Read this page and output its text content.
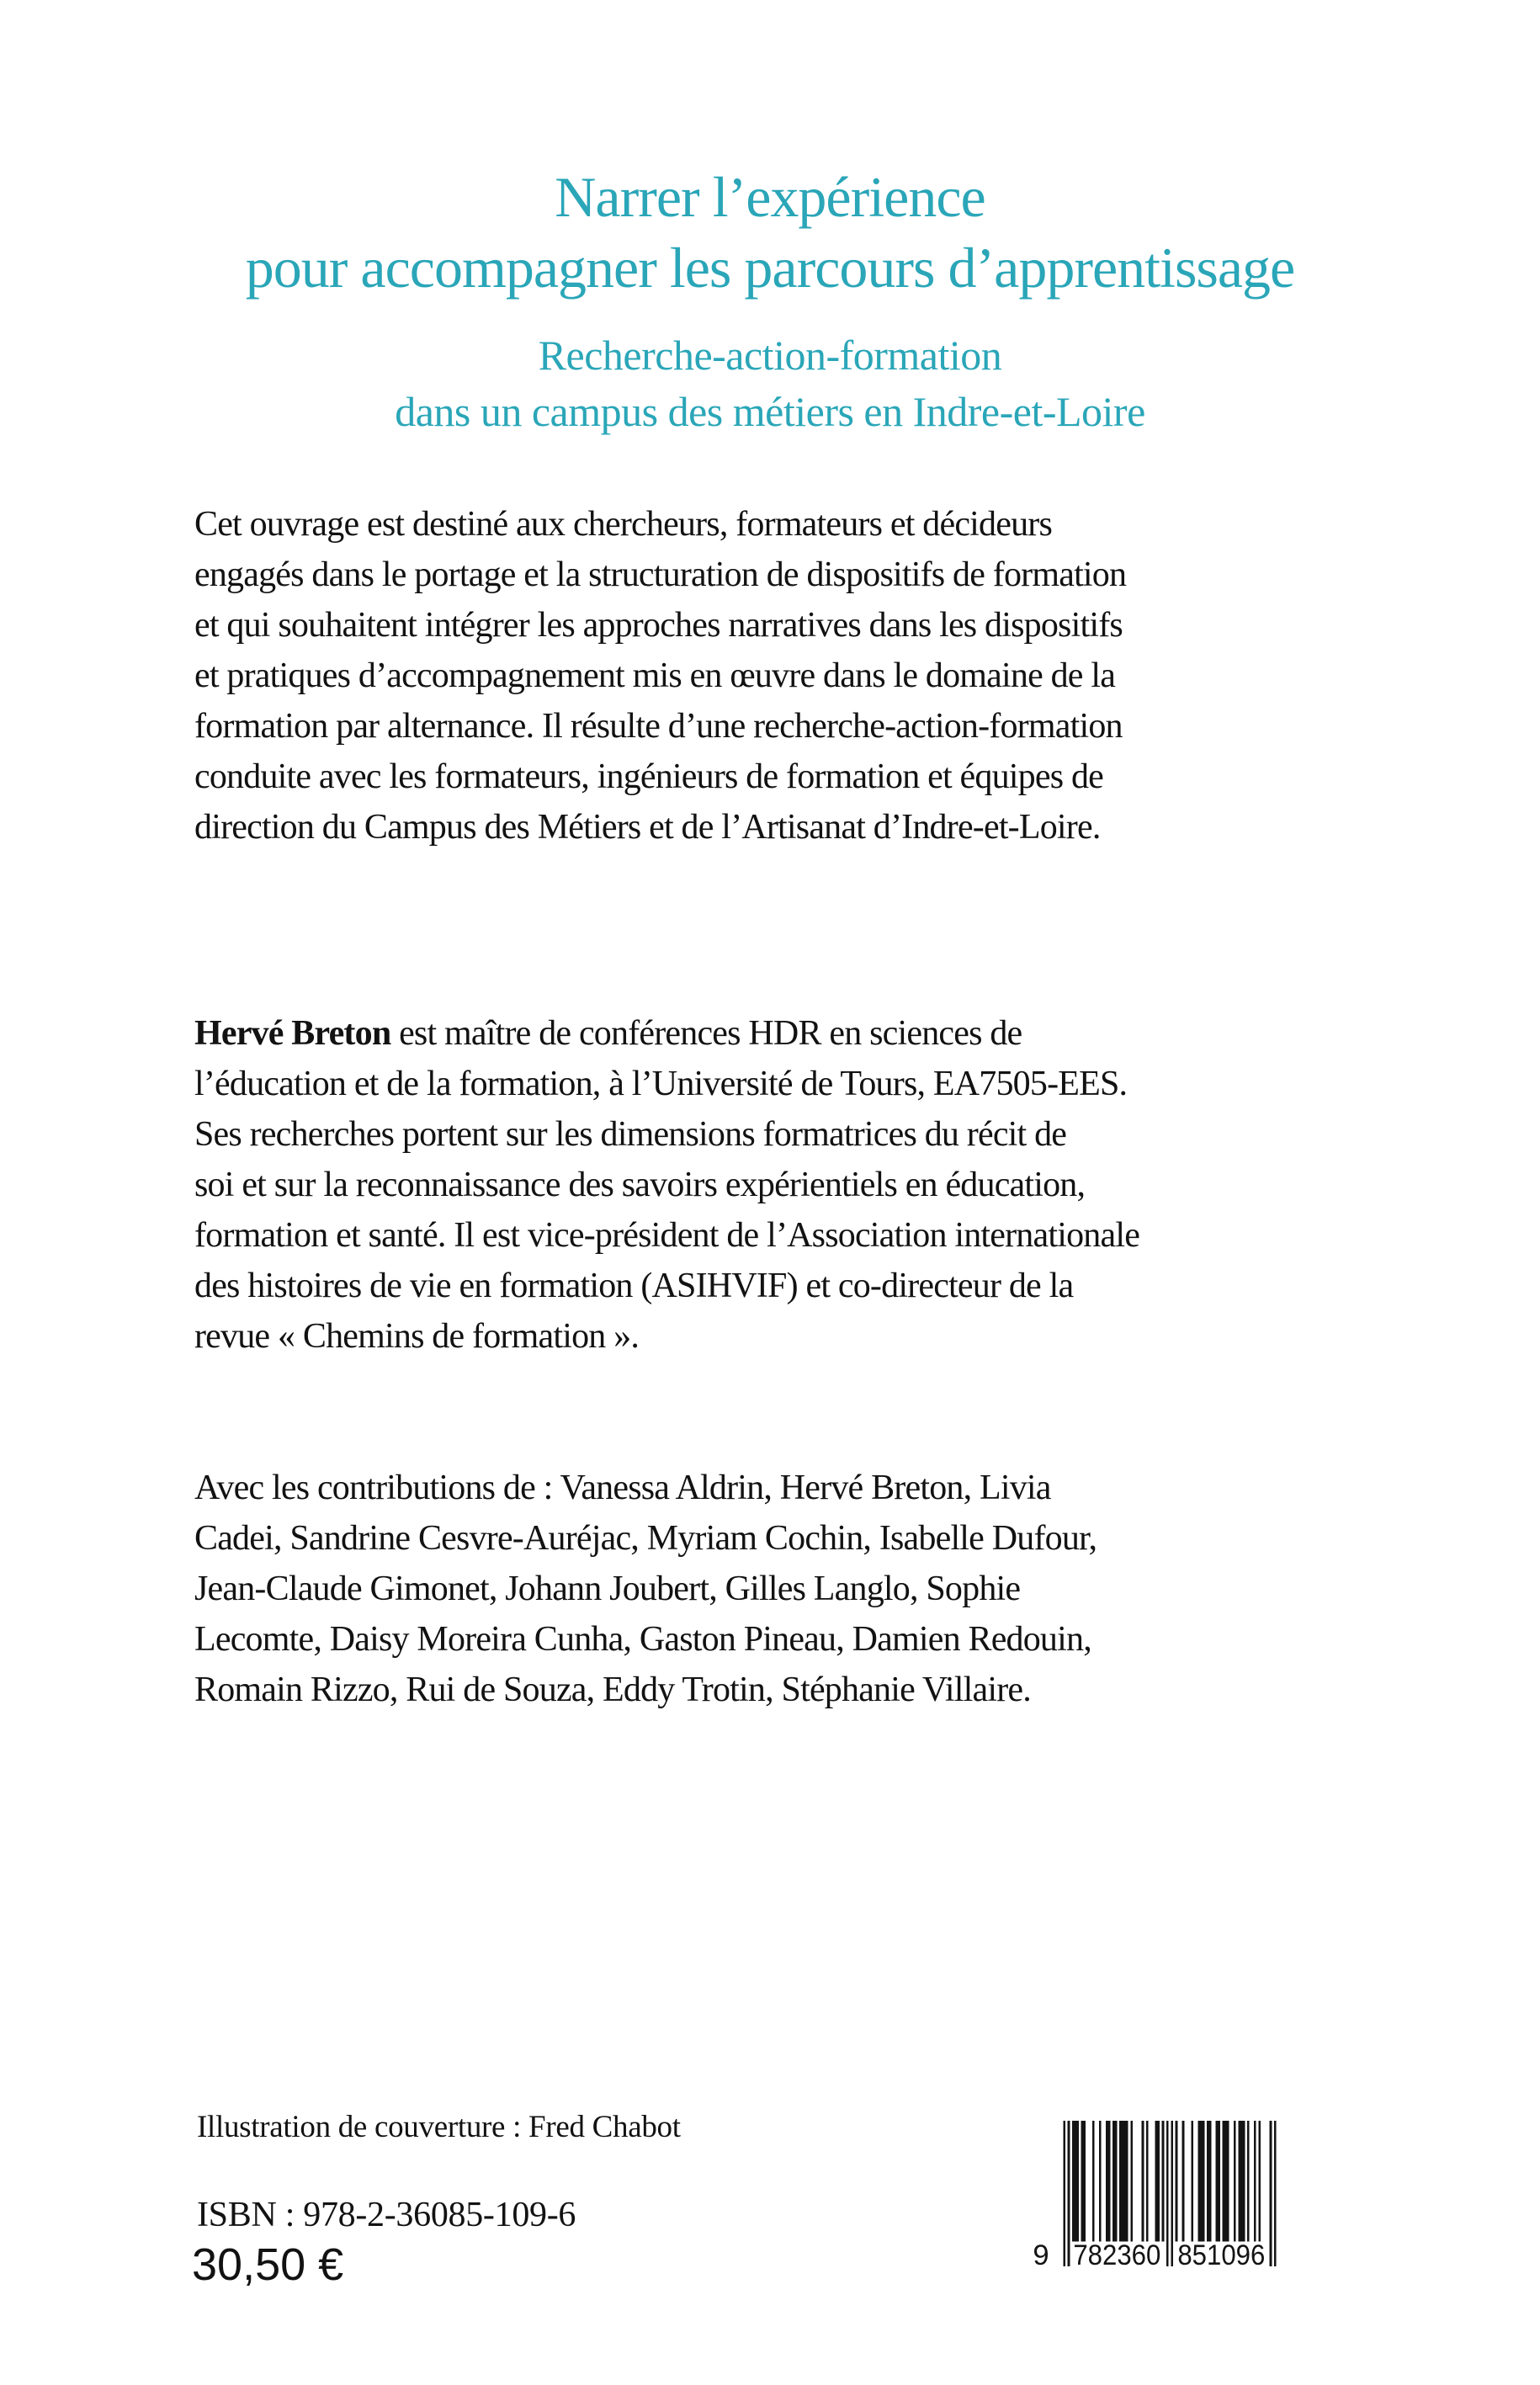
Narrer l’expérience
pour accompagner les parcours d’apprentissage
Recherche-action-formation
dans un campus des métiers en Indre-et-Loire
Cet ouvrage est destiné aux chercheurs, formateurs et décideurs
engagés dans le portage et la structuration de dispositifs de formation
et qui souhaitent intégrer les approches narratives dans les dispositifs
et pratiques d’accompagnement mis en œuvre dans le domaine de la
formation par alternance. Il résulte d’une recherche-action-formation
conduite avec les formateurs, ingénieurs de formation et équipes de
direction du Campus des Métiers et de l’Artisanat d’Indre-et-Loire.
Hervé Breton est maître de conférences HDR en sciences de
l’éducation et de la formation, à l’Université de Tours, EA7505-EES.
Ses recherches portent sur les dimensions formatrices du récit de
soi et sur la reconnaissance des savoirs expérientiels en éducation,
formation et santé. Il est vice-président de l’Association internationale
des histoires de vie en formation (ASIHVIF) et co-directeur de la
revue « Chemins de formation ».
Avec les contributions de : Vanessa Aldrin, Hervé Breton, Livia
Cadei, Sandrine Cesvre-Auréjac, Myriam Cochin, Isabelle Dufour,
Jean-Claude Gimonet, Johann Joubert, Gilles Langlo, Sophie
Lecomte, Daisy Moreira Cunha, Gaston Pineau, Damien Redouin,
Romain Rizzo, Rui de Souza, Eddy Trotin, Stéphanie Villaire.
Illustration de couverture : Fred Chabot
ISBN : 978-2-36085-109-6
30,50 €	9 782360 851096
